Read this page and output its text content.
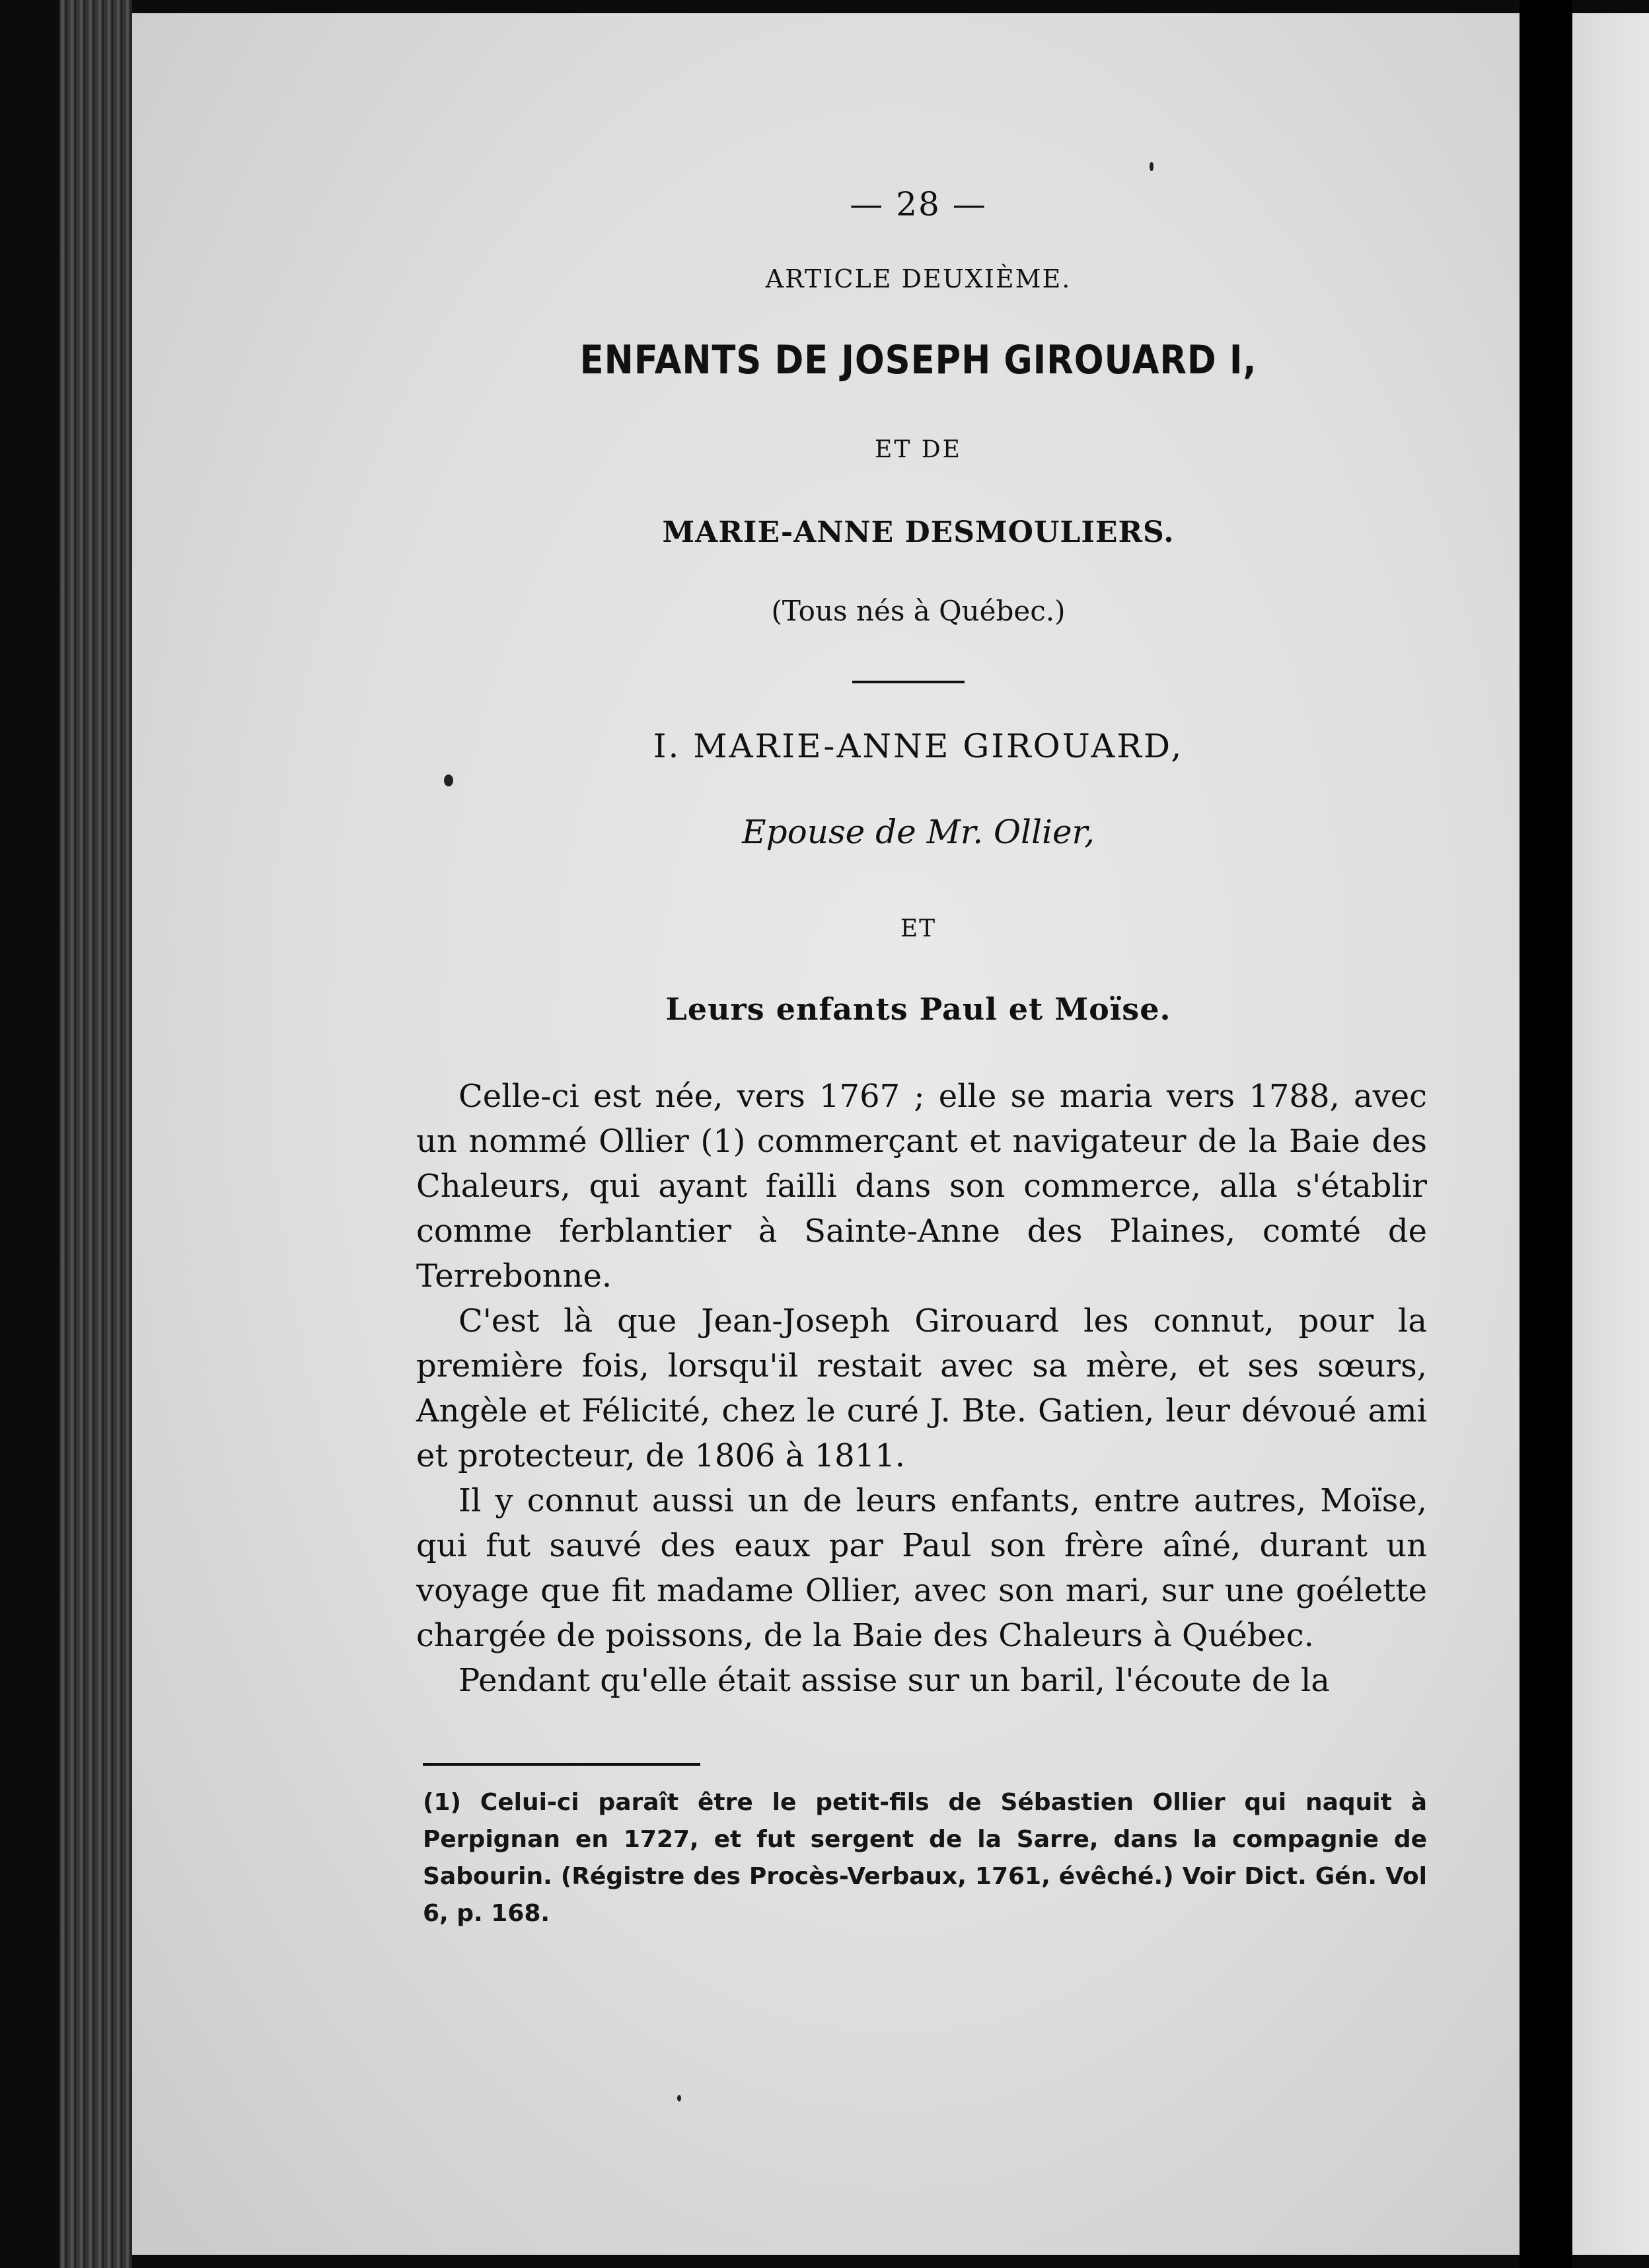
— 28 —
ARTICLE DEUXIÈME.
ENFANTS DE JOSEPH GIROUARD I,
ET DE
MARIE-ANNE DESMOULIERS.
(Tous nés à Québec.)
I. MARIE-ANNE GIROUARD,
Epouse de Mr. Ollier,
ET
Leurs enfants Paul et Moïse.

Celle-ci est née, vers 1767 ; elle se maria vers 1788, avec un nommé Ollier (1) commerçant et navigateur de la Baie des Chaleurs, qui ayant failli dans son commerce, alla s'établir comme ferblantier à Sainte-Anne des Plaines, comté de Terrebonne.

C'est là que Jean-Joseph Girouard les connut, pour la première fois, lorsqu'il restait avec sa mère, et ses sœurs, Angèle et Félicité, chez le curé J. Bte. Gatien, leur dévoué ami et protecteur, de 1806 à 1811.

Il y connut aussi un de leurs enfants, entre autres, Moïse, qui fut sauvé des eaux par Paul son frère aîné, durant un voyage que fit madame Ollier, avec son mari, sur une goélette chargée de poissons, de la Baie des Chaleurs à Québec.

Pendant qu'elle était assise sur un baril, l'écoute de la

(1) Celui-ci paraît être le petit-fils de Sébastien Ollier qui naquit à Perpignan en 1727, et fut sergent de la Sarre, dans la compagnie de Sabourin. (Régistre des Procès-Verbaux, 1761, évêché.) Voir Dict. Gén. Vol 6, p. 168.
